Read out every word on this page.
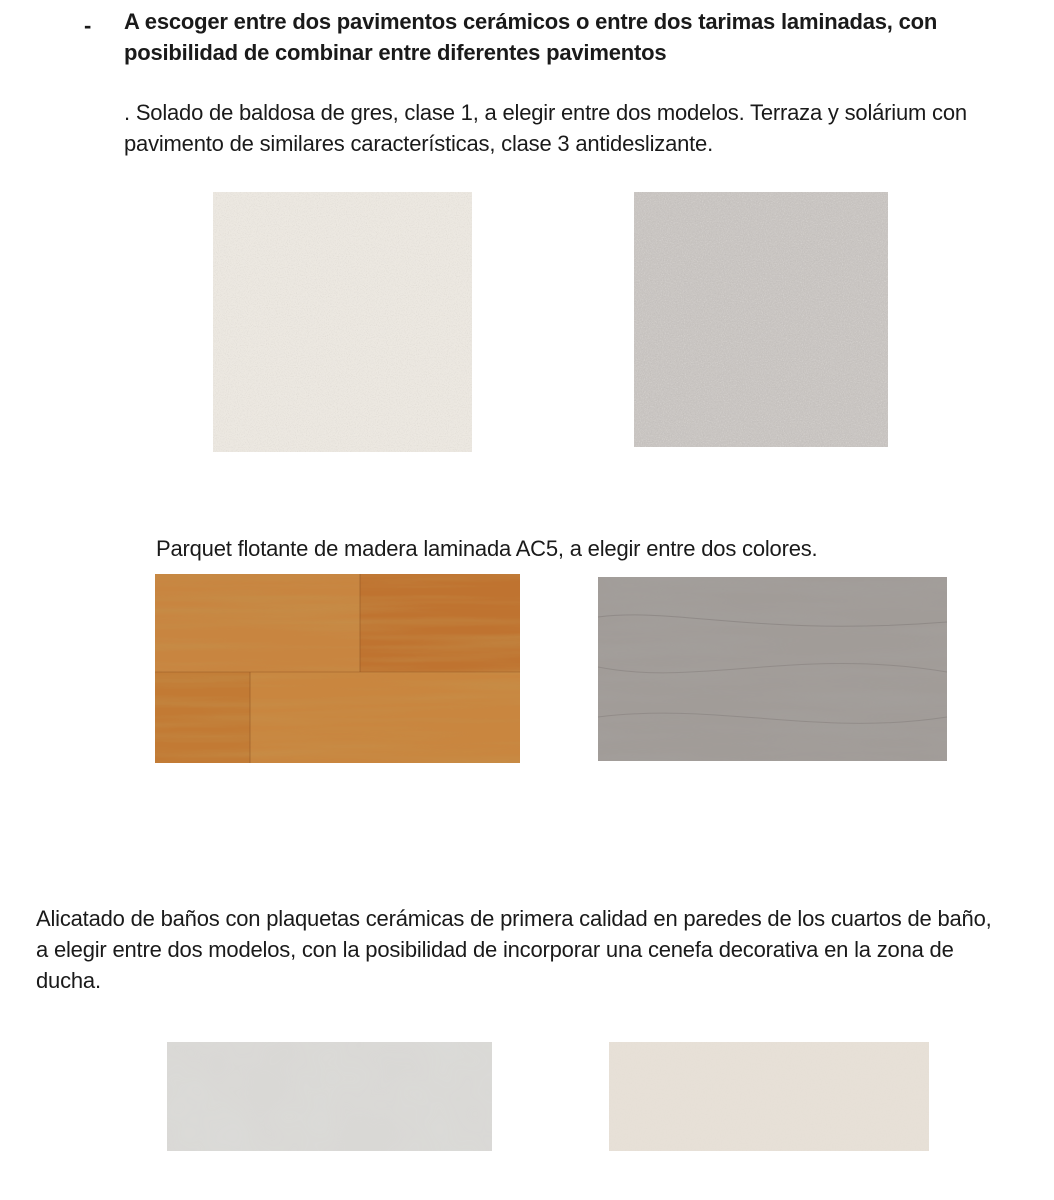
- A escoger entre dos pavimentos cerámicos o entre dos tarimas laminadas, con posibilidad de combinar entre diferentes pavimentos

. Solado de baldosa de gres, clase 1, a elegir entre dos modelos. Terraza y solárium con pavimento de similares características, clase 3 antideslizante.

Parquet flotante de madera laminada AC5, a elegir entre dos colores.

Alicatado de baños con plaquetas cerámicas de primera calidad en paredes de los cuartos de baño, a elegir entre dos modelos, con la posibilidad de incorporar una cenefa decorativa en la zona de ducha.
